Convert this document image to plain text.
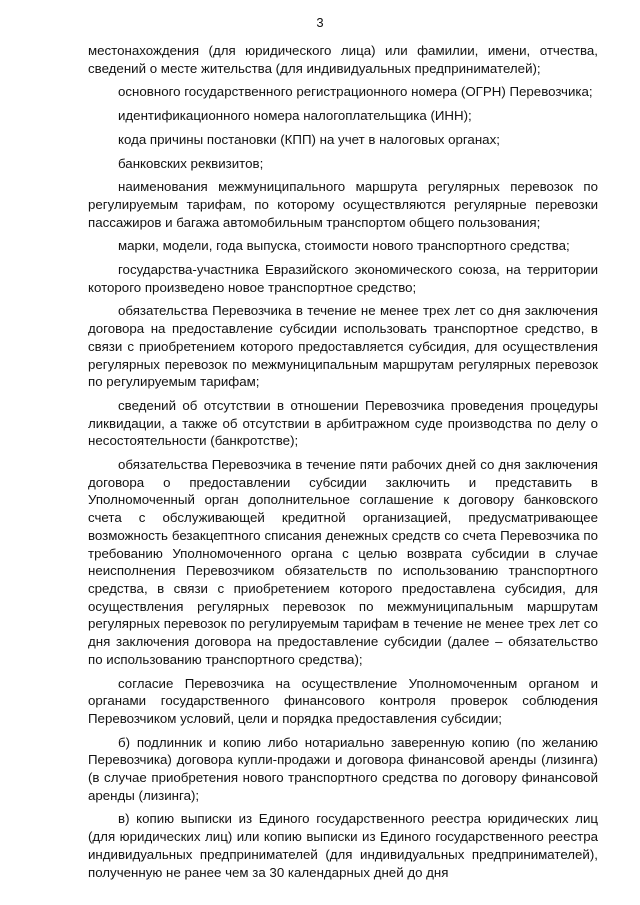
3

местонахождения (для юридического лица) или фамилии, имени, отчества, сведений о месте жительства (для индивидуальных предпринимателей);

основного государственного регистрационного номера (ОГРН) Перевозчика;

идентификационного номера налогоплательщика (ИНН);

кода причины постановки (КПП) на учет в налоговых органах;

банковских реквизитов;

наименования межмуниципального маршрута регулярных перевозок по регулируемым тарифам, по которому осуществляются регулярные перевозки пассажиров и багажа автомобильным транспортом общего пользования;

марки, модели, года выпуска, стоимости нового транспортного средства;

государства-участника Евразийского экономического союза, на территории которого произведено новое транспортное средство;

обязательства Перевозчика в течение не менее трех лет со дня заключения договора на предоставление субсидии использовать транспортное средство, в связи с приобретением которого предоставляется субсидия, для осуществления регулярных перевозок по межмуниципальным маршрутам регулярных перевозок по регулируемым тарифам;

сведений об отсутствии в отношении Перевозчика проведения процедуры ликвидации, а также об отсутствии в арбитражном суде производства по делу о несостоятельности (банкротстве);

обязательства Перевозчика в течение пяти рабочих дней со дня заключения договора о предоставлении субсидии заключить и представить в Уполномоченный орган дополнительное соглашение к договору банковского счета с обслуживающей кредитной организацией, предусматривающее возможность безакцептного списания денежных средств со счета Перевозчика по требованию Уполномоченного органа с целью возврата субсидии в случае неисполнения Перевозчиком обязательств по использованию транспортного средства, в связи с приобретением которого предоставлена субсидия, для осуществления регулярных перевозок по межмуниципальным маршрутам регулярных перевозок по регулируемым тарифам в течение не менее трех лет со дня заключения договора на предоставление субсидии (далее – обязательство по использованию транспортного средства);

согласие Перевозчика на осуществление Уполномоченным органом и органами государственного финансового контроля проверок соблюдения Перевозчиком условий, цели и порядка предоставления субсидии;

б) подлинник и копию либо нотариально заверенную копию (по желанию Перевозчика) договора купли-продажи и договора финансовой аренды (лизинга) (в случае приобретения нового транспортного средства по договору финансовой аренды (лизинга);

в) копию выписки из Единого государственного реестра юридических лиц (для юридических лиц) или копию выписки из Единого государственного реестра индивидуальных предпринимателей (для индивидуальных предпринимателей), полученную не ранее чем за 30 календарных дней до дня
